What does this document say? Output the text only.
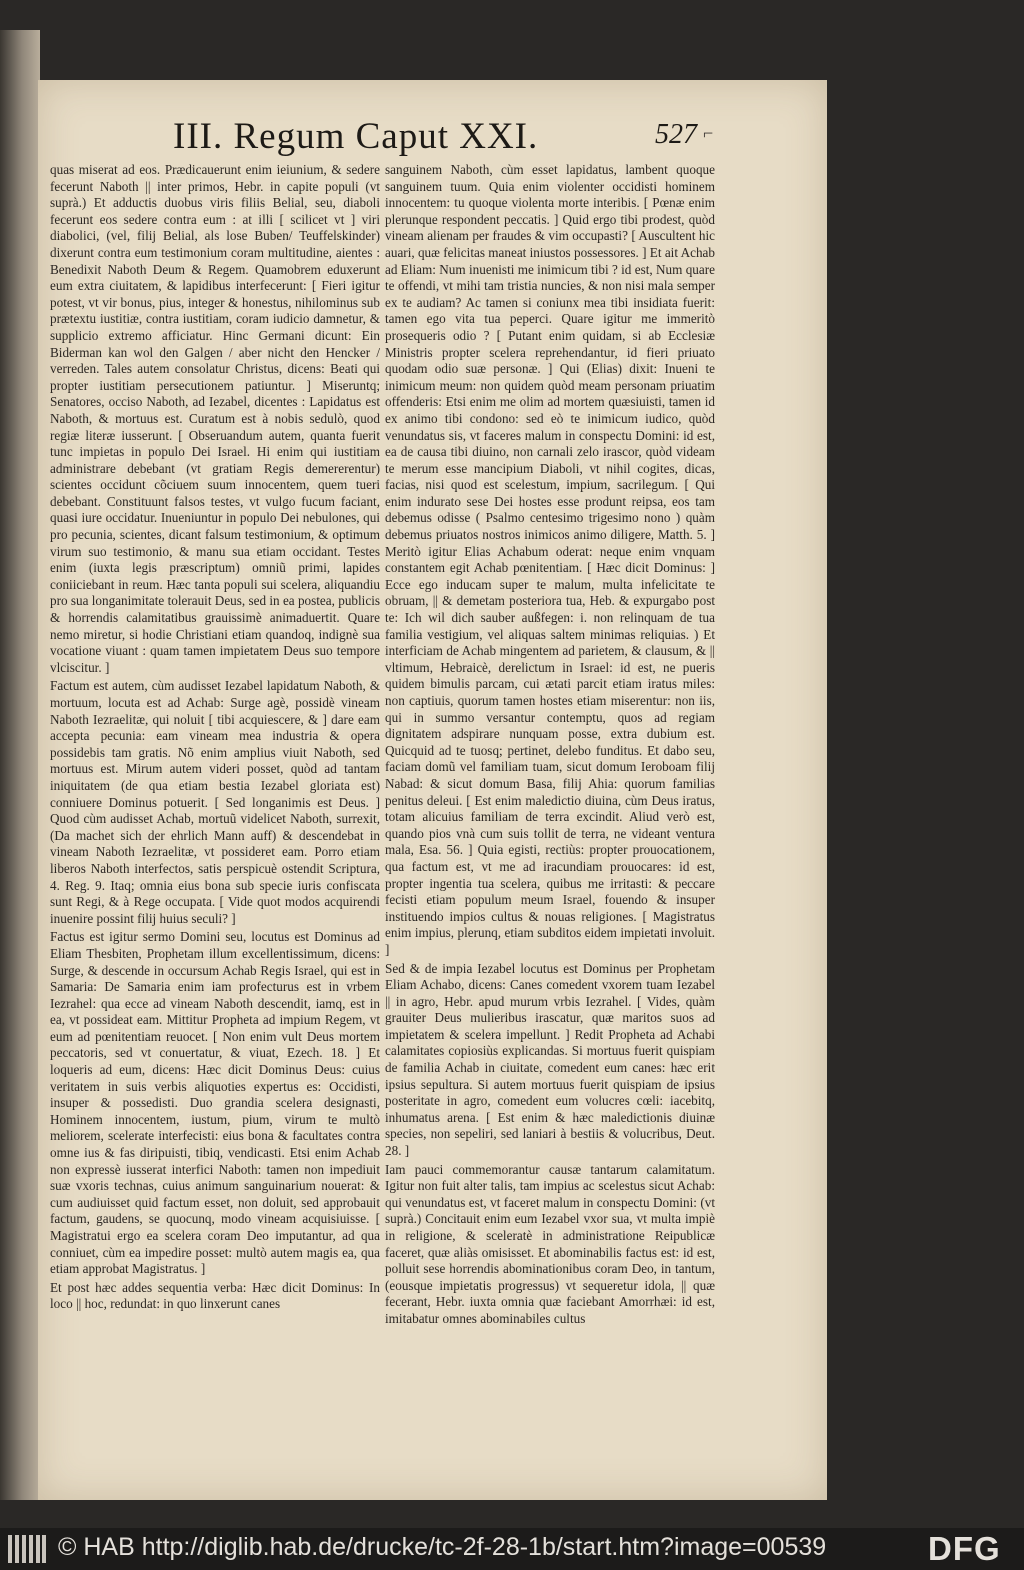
III. Regum Caput XXI.	527 ⌐

quas miserat ad eos. Prædicauerunt enim ieiunium, & sedere fecerunt Naboth || inter primos, Hebr. in capite populi (vt suprà.) Et adductis duobus viris filiis Belial, seu, diaboli fecerunt eos sedere contra eum : at illi [ scilicet vt ] viri diabolici, (vel, filij Belial, als lose Buben/ Teuffelskinder) dixerunt contra eum testimonium coram multitudine, aientes : Benedixit Naboth Deum & Regem. Quamobrem eduxerunt eum extra ciuitatem, & lapidibus interfecerunt: [ Fieri igitur potest, vt vir bonus, pius, integer & honestus, nihilominus sub prætextu iustitiæ, contra iustitiam, coram iudicio damnetur, & supplicio extremo afficiatur. Hinc Germani dicunt: Ein Biderman kan wol den Galgen / aber nicht den Hencker / verreden. Tales autem consolatur Christus, dicens: Beati qui propter iustitiam persecutionem patiuntur. ] Miseruntq; Senatores, occiso Naboth, ad Iezabel, dicentes : Lapidatus est Naboth, & mortuus est. Curatum est à nobis sedulò, quod regiæ literæ iusserunt. [ Obseruandum autem, quanta fuerit tunc impietas in populo Dei Israel. Hi enim qui iustitiam administrare debebant (vt gratiam Regis demererentur) scientes occidunt cõciuem suum innocentem, quem tueri debebant. Constituunt falsos testes, vt vulgo fucum faciant, quasi iure occidatur. Inueniuntur in populo Dei nebulones, qui pro pecunia, scientes, dicant falsum testimonium, & optimum virum suo testimonio, & manu sua etiam occidant. Testes enim (iuxta legis præscriptum) omniũ primi, lapides coniiciebant in reum. Hæc tanta populi sui scelera, aliquandiu pro sua longanimitate tolerauit Deus, sed in ea postea, publicis & horrendis calamitatibus grauissimè animaduertit. Quare nemo miretur, si hodie Christiani etiam quandoq, indignè sua vocatione viuant : quam tamen impietatem Deus suo tempore vlciscitur. ]

Factum est autem, cùm audisset Iezabel lapidatum Naboth, & mortuum, locuta est ad Achab: Surge agè, possidè vineam Naboth Iezraelitæ, qui noluit [ tibi acquiescere, & ] dare eam accepta pecunia: eam vineam mea industria & opera possidebis tam gratis. Nõ enim amplius viuit Naboth, sed mortuus est. Mirum autem videri posset, quòd ad tantam iniquitatem (de qua etiam bestia Iezabel gloriata est) conniuere Dominus potuerit. [ Sed longanimis est Deus. ] Quod cùm audisset Achab, mortuũ videlicet Naboth, surrexit, (Da machet sich der ehrlich Mann auff) & descendebat in vineam Naboth Iezraelitæ, vt possideret eam. Porro etiam liberos Naboth interfectos, satis perspicuè ostendit Scriptura, 4. Reg. 9. Itaq; omnia eius bona sub specie iuris confiscata sunt Regi, & à Rege occupata. [ Vide quot modos acquirendi inuenire possint filij huius seculi? ]

Factus est igitur sermo Domini seu, locutus est Dominus ad Eliam Thesbiten, Prophetam illum excellentissimum, dicens: Surge, & descende in occursum Achab Regis Israel, qui est in Samaria: De Samaria enim iam profecturus est in vrbem Iezrahel: qua ecce ad vineam Naboth descendit, iamq, est in ea, vt possideat eam. Mittitur Propheta ad impium Regem, vt eum ad pœnitentiam reuocet. [ Non enim vult Deus mortem peccatoris, sed vt conuertatur, & viuat, Ezech. 18. ] Et loqueris ad eum, dicens: Hæc dicit Dominus Deus: cuius veritatem in suis verbis aliquoties expertus es: Occidisti, insuper & possedisti. Duo grandia scelera designasti, Hominem innocentem, iustum, pium, virum te multò meliorem, scelerate interfecisti: eius bona & facultates contra omne ius & fas diripuisti, tibiq, vendicasti. Etsi enim Achab non expressè iusserat interfici Naboth: tamen non impediuit suæ vxoris technas, cuius animum sanguinarium nouerat: & cum audiuisset quid factum esset, non doluit, sed approbauit factum, gaudens, se quocunq, modo vineam acquisiuisse. [ Magistratui ergo ea scelera coram Deo imputantur, ad qua conniuet, cùm ea impedire posset: multò autem magis ea, qua etiam approbat Magistratus. ]

Et post hæc addes sequentia verba: Hæc dicit Dominus: In loco || hoc, redundat: in quo linxerunt canes

sanguinem Naboth, cùm esset lapidatus, lambent quoque sanguinem tuum. Quia enim violenter occidisti hominem innocentem: tu quoque violenta morte interibis. [ Pœnæ enim plerunque respondent peccatis. ] Quid ergo tibi prodest, quòd vineam alienam per fraudes & vim occupasti? [ Auscultent hic auari, quæ felicitas maneat iniustos possessores. ] Et ait Achab ad Eliam: Num inuenisti me inimicum tibi ? id est, Num quare te offendi, vt mihi tam tristia nuncies, & non nisi mala semper ex te audiam? Ac tamen si coniunx mea tibi insidiata fuerit: tamen ego vita tua peperci. Quare igitur me immeritò prosequeris odio ? [ Putant enim quidam, si ab Ecclesiæ Ministris propter scelera reprehendantur, id fieri priuato quodam odio suæ personæ. ] Qui (Elias) dixit: Inueni te inimicum meum: non quidem quòd meam personam priuatim offenderis: Etsi enim me olim ad mortem quæsiuisti, tamen id ex animo tibi condono: sed eò te inimicum iudico, quòd venundatus sis, vt faceres malum in conspectu Domini: id est, ea de causa tibi diuino, non carnali zelo irascor, quòd videam te merum esse mancipium Diaboli, vt nihil cogites, dicas, facias, nisi quod est scelestum, impium, sacrilegum. [ Qui enim indurato sese Dei hostes esse produnt reipsa, eos tam debemus odisse ( Psalmo centesimo trigesimo nono ) quàm debemus priuatos nostros inimicos animo diligere, Matth. 5. ] Meritò igitur Elias Achabum oderat: neque enim vnquam constantem egit Achab pœnitentiam. [ Hæc dicit Dominus: ] Ecce ego inducam super te malum, multa infelicitate te obruam, || & demetam posteriora tua, Heb. & expurgabo post te: Ich wil dich sauber außfegen: i. non relinquam de tua familia vestigium, vel aliquas saltem minimas reliquias. ) Et interficiam de Achab mingentem ad parietem, & clausum, & || vltimum, Hebraicè, derelictum in Israel: id est, ne pueris quidem bimulis parcam, cui ætati parcit etiam iratus miles: non captiuis, quorum tamen hostes etiam miserentur: non iis, qui in summo versantur contemptu, quos ad regiam dignitatem adspirare nunquam posse, extra dubium est. Quicquid ad te tuosq; pertinet, delebo funditus. Et dabo seu, faciam domũ vel familiam tuam, sicut domum Ieroboam filij Nabad: & sicut domum Basa, filij Ahia: quorum familias penitus deleui. [ Est enim maledictio diuina, cùm Deus iratus, totam alicuius familiam de terra excindit. Aliud verò est, quando pios vnà cum suis tollit de terra, ne videant ventura mala, Esa. 56. ] Quia egisti, rectiùs: propter prouocationem, qua factum est, vt me ad iracundiam prouocares: id est, propter ingentia tua scelera, quibus me irritasti: & peccare fecisti etiam populum meum Israel, fouendo & insuper instituendo impios cultus & nouas religiones. [ Magistratus enim impius, plerunq, etiam subditos eidem impietati involuit. ]

Sed & de impia Iezabel locutus est Dominus per Prophetam Eliam Achabo, dicens: Canes comedent vxorem tuam Iezabel || in agro, Hebr. apud murum vrbis Iezrahel. [ Vides, quàm grauiter Deus mulieribus irascatur, quæ maritos suos ad impietatem & scelera impellunt. ] Redit Propheta ad Achabi calamitates copiosiùs explicandas. Si mortuus fuerit quispiam de familia Achab in ciuitate, comedent eum canes: hæc erit ipsius sepultura. Si autem mortuus fuerit quispiam de ipsius posteritate in agro, comedent eum volucres cœli: iacebitq, inhumatus arena. [ Est enim & hæc maledictionis diuinæ species, non sepeliri, sed laniari à bestiis & volucribus, Deut. 28. ]

Iam pauci commemorantur causæ tantarum calamitatum. Igitur non fuit alter talis, tam impius ac scelestus sicut Achab: qui venundatus est, vt faceret malum in conspectu Domini: (vt suprà.) Concitauit enim eum Iezabel vxor sua, vt multa impiè in religione, & sceleratè in administratione Reipublicæ faceret, quæ aliàs omisisset. Et abominabilis factus est: id est, polluit sese horrendis abominationibus coram Deo, in tantum, (eousque impietatis progressus) vt sequeretur idola, || quæ fecerant, Hebr. iuxta omnia quæ faciebant Amorrhæi: id est, imitabatur omnes abominabiles cultus

© HAB http://diglib.hab.de/drucke/tc-2f-28-1b/start.htm?image=00539	DFG
